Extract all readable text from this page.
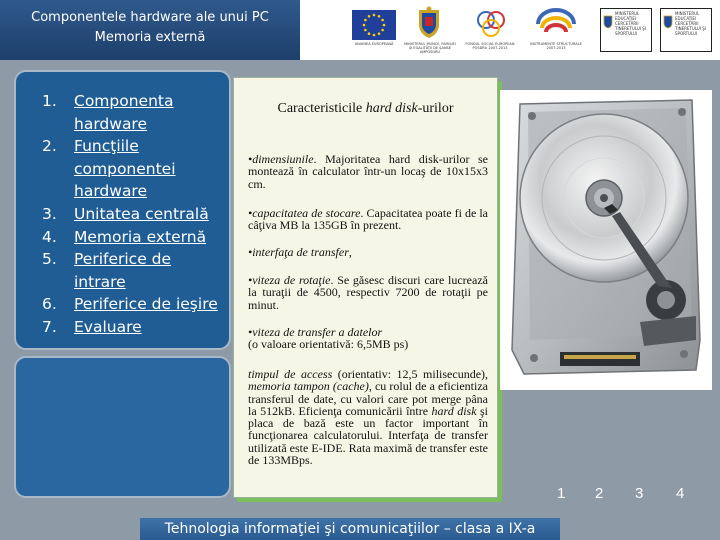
Componentele hardware ale unui PC
Memoria externă	UNIUNEA EUROPEANĂ	MINISTERUL MUNCII, FAMILIEI ŞI EGALITĂŢII DE ŞANSE AMPOSDRU
FONDUL SOCIAL EUROPEAN POSDRU 2007-2013
INSTRUMENTE STRUCTURALE 2007-2013
MINISTERUL EDUCAŢIEI CERCETĂRII TINERETULUI ŞI SPORTULUI
MINISTERUL EDUCAŢIEI CERCETĂRII TINERETULUI ŞI SPORTULUI
1. Componenta hardware
2. Funcţiile componentei hardware
3. Unitatea centrală
4. Memoria externă
5. Periferice de intrare
6. Periferice de ieşire
7. Evaluare
Caracteristicile hard disk-urilor
•dimensiunile. Majoritatea hard disk-urilor se montează în calculator într-un locaş de 10x15x3 cm.
•capacitatea de stocare. Capacitatea poate fi de la câţiva MB la 135GB în prezent.
•interfaţa de transfer,
•viteza de rotaţie. Se găsesc discuri care lucrează la turaţii de 4500, respectiv 7200 de rotaţii pe minut.
•viteza de transfer a datelor
(o valoare orientativă: 6,5MB ps)
timpul de access (orientativ: 12,5 milisecunde), memoria tampon (cache), cu rolul de a eficientiza transferul de date, cu valori care pot merge pâna la 512kB. Eficienţa comunicării între hard disk şi placa de bază este un factor important în funcţionarea calculatorului. Interfaţa de transfer utilizată este E-IDE. Rata maximă de transfer este de 133MBps.
1 2 3 4
Tehnologia informaţiei şi comunicaţiilor – clasa a IX-a
